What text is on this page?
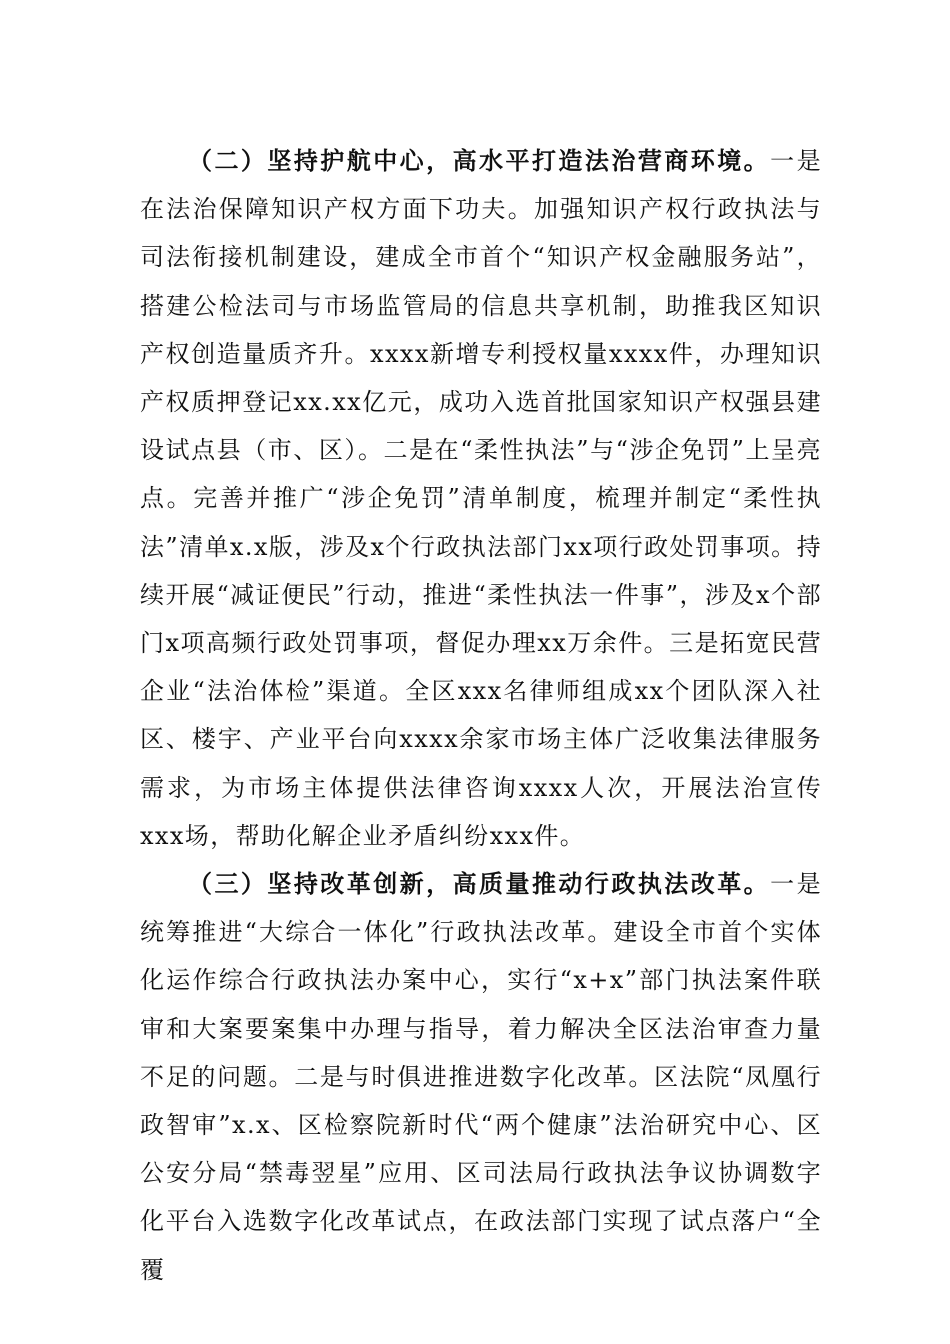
（二）坚持护航中心，高水平打造法治营商环境。一是在法治保障知识产权方面下功夫。加强知识产权行政执法与司法衔接机制建设，建成全市首个“知识产权金融服务站”，搭建公检法司与市场监管局的信息共享机制，助推我区知识产权创造量质齐升。xxxx新增专利授权量xxxx件，办理知识产权质押登记xx.xx亿元，成功入选首批国家知识产权强县建设试点县（市、区）。二是在“柔性执法”与“涉企免罚”上呈亮点。完善并推广“涉企免罚”清单制度，梳理并制定“柔性执法”清单x.x版，涉及x个行政执法部门xx项行政处罚事项。持续开展“减证便民”行动，推进“柔性执法一件事”，涉及x个部门x项高频行政处罚事项，督促办理xx万余件。三是拓宽民营企业“法治体检”渠道。全区xxx名律师组成xx个团队深入社区、楼宇、产业平台向xxxx余家市场主体广泛收集法律服务需求，为市场主体提供法律咨询xxxx人次，开展法治宣传xxx场，帮助化解企业矛盾纠纷xxx件。

（三）坚持改革创新，高质量推动行政执法改革。一是统筹推进“大综合一体化”行政执法改革。建设全市首个实体化运作综合行政执法办案中心，实行“x+x”部门执法案件联审和大案要案集中办理与指导，着力解决全区法治审查力量不足的问题。二是与时俱进推进数字化改革。区法院“凤凰行政智审”x.x、区检察院新时代“两个健康”法治研究中心、区公安分局“禁毒翌星”应用、区司法局行政执法争议协调数字化平台入选数字化改革试点，在政法部门实现了试点落户“全覆
